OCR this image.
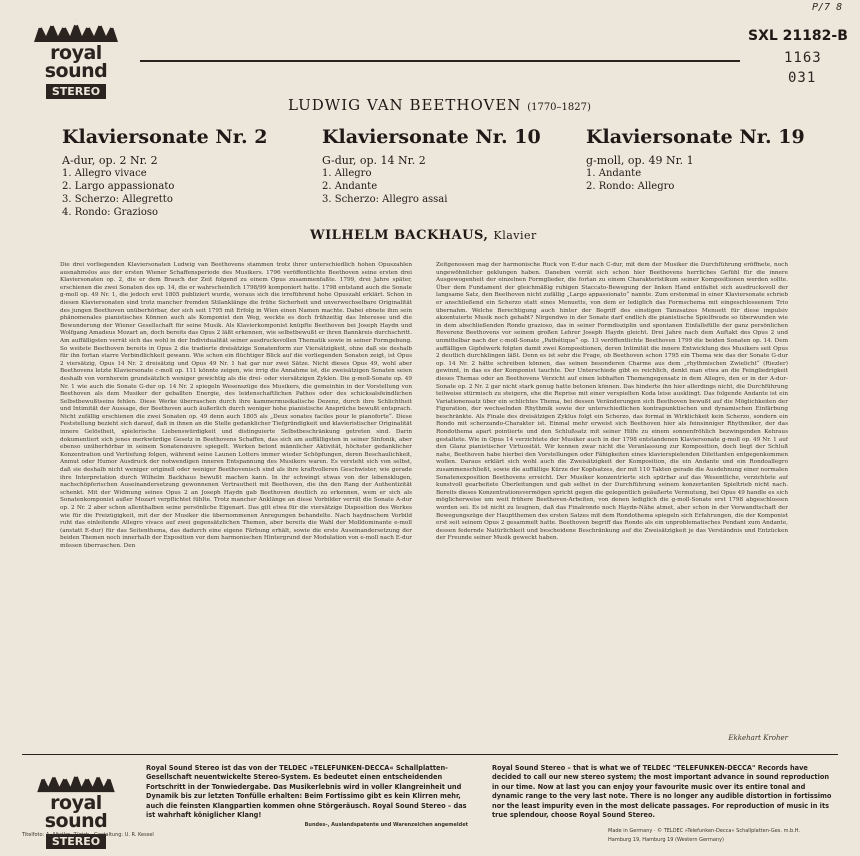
royal sound
STEREO
SXL 21182-B
1163
031
P/7 8
LUDWIG VAN BEETHOVEN (1770–1827)
Klaviersonate Nr. 2
A-dur, op. 2 Nr. 2
1. Allegro vivace
2. Largo appassionato
3. Scherzo: Allegretto
4. Rondo: Grazioso
Klaviersonate Nr. 10
G-dur, op. 14 Nr. 2
1. Allegro
2. Andante
3. Scherzo: Allegro assai
Klaviersonate Nr. 19
g-moll, op. 49 Nr. 1
1. Andante
2. Rondo: Allegro
WILHELM BACKHAUS, Klavier

Die drei vorliegenden Klaviersonaten Ludwig van Beethovens stammen trotz ihrer unterschiedlich hohen Opuszahlen ausnahmslos aus der ersten Wiener Schaffensperiode des Musikers. 1796 veröffentlichte Beethoven seine ersten drei Klaviersonaten op. 2, die er dem Brauch der Zeit folgend zu einem Opus zusammenfaßte. 1799, drei Jahre später, erschienen die zwei Sonaten des op. 14, die er wahrscheinlich 1798/99 komponiert hatte. 1798 entstand auch die Sonate g-moll op. 49 Nr. 1, die jedoch erst 1805 publiziert wurde, woraus sich die irreführend hohe Opuszahl erklärt. Schon in diesen Klaviersonaten sind trotz mancher fremden Stilanklänge die frühe Sicherheit und unverwechselbare Originalität des jungen Beethoven unüberhörbar, der sich seit 1795 mit Erfolg in Wien einen Namen machte. Dabei ebnete ihm sein phänomenales pianistisches Können auch als Komponist den Weg, weckte es doch frühzeitig das Interesse und die Bewunderung der Wiener Gesellschaft für seine Musik. Als Klavierkomponist knüpfte Beethoven bei Joseph Haydn und Wolfgang Amadeus Mozart an, doch bereits das Opus 2 läßt erkennen, wie selbstbewußt er ihren Bannkreis durchschritt. Am auffälligsten verrät sich das wohl in der Individualität seiner ausdrucksvollen Thematik sowie in seiner Formgebung. So weitete Beethoven bereits in Opus 2 die tradierte dreisätzige Sonatenform zur Viersätzigkeit, ohne daß sie deshalb für ihn fortan starre Verbindlichkeit gewann. Wie schon ein flüchtiger Blick auf die vorliegenden Sonaten zeigt, ist Opus 2 viersätzig, Opus 14 Nr. 2 dreisätzig und Opus 49 Nr. 1 hat gar nur zwei Sätze. Nicht dieses Opus 49, wohl aber Beethovens letzte Klaviersonate c-moll op. 111 könnte zeigen, wie irrig die Annahme ist, die zweisätzigen Sonaten seien deshalb von vornherein grundsätzlich weniger gewichtig als die drei- oder viersätzigen Zyklen. Die g-moll-Sonate op. 49 Nr. 1 wie auch die Sonate G-dur op. 14 Nr. 2 spiegeln Wesenszüge des Musikers, die gemeinhin in der Vorstellung von Beethoven als dem Musiker der geballten Energie, des leidenschaftlichen Pathos oder des schicksalsfeindlichen Selbstbewußtseins fehlen. Diese Werke überraschen durch ihre kammermusikalische Dezenz, durch ihre Schlichtheit und Intimität der Aussage, der Beethoven auch äußerlich durch weniger hohe pianistische Ansprüche bewußt entsprach. Nicht zufällig erschienen die zwei Sonaten op. 49 denn auch 1805 als „Deux sonates faciles pour le pianoforte“. Diese Feststellung bezieht sich darauf, daß in ihnen an die Stelle gedanklicher Tiefgründigkeit und klavieristischer Originalität innere Gelöstheit, spielerische Liebenswürdigkeit und distinguierte Selbstbeschränkung getreten sind. Darin dokumentiert sich jenes merkwürdige Gesetz in Beethovens Schaffen, das sich am auffälligsten in seiner Sinfonik, aber ebenso unüberhörbar in seinem Sonatenœuvre spiegelt. Werken betont männlicher Aktivität, höchster gedanklicher Konzentration und Vertiefung folgen, während seine Launen Lotters immer wieder Schöpfungen, deren Beschaulichkeit, Anmut oder Humor Ausdruck der notwendigen inneren Entspannung des Musikers waren. Es versteht sich von selbst, daß sie deshalb nicht weniger originell oder weniger Beethovenisch sind als ihre kraftvolleren Geschwister, wie gerade ihre Interpretation durch Wilhelm Backhaus bewußt machen kann. In ihr schwingt etwas von der lebensklugen, nachschöpferischen Auseinandersetzung gewonnenen Vertrautheit mit Beethoven, die ihn den Rang der Authentizität schenkt. Mit der Widmung seines Opus 2 an Joseph Haydn gab Beethoven deutlich zu erkennen, wem er sich als Sonatenkomponist außer Mozart verpflichtet fühlte. Trotz mancher Anklänge an diese Vorbilder verrät die Sonate A-dur op. 2 Nr. 2 aber schon allenthalben seine persönliche Eigenart. Das gilt etwa für die viersätzige Disposition des Werkes wie für die Freizügigkeit, mit der der Musiker die übernommenen Anregungen behandelte. Nach haydnschem Vorbild ruht das einleitende Allegro vivace auf zwei gegensätzlichen Themen, aber bereits die Wahl der Molldominante e-moll (anstatt E-dur) für das Seitenthema, das dadurch eine eigene Färbung erhält, sowie die erste Auseinandersetzung der beiden Themen noch innerhalb der Exposition vor dem harmonischen Hintergrund der Modulation von e-moll nach E-dur müssen überraschen. Den

Zeitgenossen mag der harmonische Ruck von E-dur nach C-dur, mit dem der Musiker die Durchführung eröffnete, noch ungewöhnlicher geklungen haben. Daneben verrät sich schon hier Beethovens herrliches Gefühl für die innere Ausgewogenheit der einzelnen Formglieder, die fortan zu einem Charakteristikum seiner Kompositionen werden sollte. Über dem Fundament der gleichmäßig ruhigen Staccato-Bewegung der linken Hand entfaltet sich ausdrucksvoll der langsame Satz, den Beethoven nicht zufällig „Largo appassionato“ nannte. Zum erstenmal in einer Klaviersonate schrieb er anschließend ein Scherzo statt eines Menuetts, von dem er lediglich das Formschema mit eingeschlossenem Trio übernahm. Welche Berechtigung auch hinter der Begriff des einstigen Tanzsatzes Menuett für diese impulsiv akzentuierte Musik noch gehabt? Nirgendwo in der Sonate darf endlich die pianistische Spielfreude so überwunden wie in dem abschließenden Rondo grazioso, das in seiner Formdisziplin und spontanen Einfallsfülle der ganz persönlichen Reverenz Beethovens vor seinem großen Lehrer Joseph Haydn gleicht. Drei Jahre nach dem Auftakt des Opus 2 und unmittelbar nach der c-moll-Sonate „Pathétique“ op. 13 veröffentlichte Beethoven 1799 die beiden Sonaten op. 14. Dem auffälligen Gipfelwerk folgten damit zwei Kompositionen, deren Intimität die innere Entwicklung des Musikers seit Opus 2 deutlich durchklingen läßt. Denn es ist sehr die Frage, ob Beethoven schon 1795 ein Thema wie das der Sonate G-dur op. 14 Nr. 2 hätte schreiben können, das seinen besonderen Charme aus dem „rhythmischen Zwielicht“ (Riezler) gewinnt, in das es der Komponist tauchte. Der Unterschiede gibt es reichlich, denkt man etwa an die Feingliedrigkeit dieses Themas oder an Beethovens Verzicht auf einen lebhaften Themengegensatz in dem Allegro, den er in der A-dur-Sonate op. 2 Nr. 2 gar nicht stark genug hatte betonen können. Das hinderte ihn hier allerdings nicht, die Durchführung teilweise stürmisch zu steigern, ehe die Reprise mit einer verspielten Koda leise ausklingt. Das folgende Andante ist ein Variationensatz über ein schlichtes Thema, bei dessen Veränderungen sich Beethoven bewußt auf die Möglichkeiten der Figuration, der wechselnden Rhythmik sowie der unterschiedlichen kontrapunktischen und dynamischen Einfärbung beschränkte. Als Finale des dreisätzigen Zyklus folgt ein Scherzo, das formal in Wirklichkeit kein Scherzo, sondern ein Rondo mit scherzando-Charakter ist. Einmal mehr erweist sich Beethoven hier als feinsinniger Rhythmiker, der das Rondothema apart pointierte und den Schlußsatz mit seiner Hilfe zu einem sonnenfröhlich bezwingenden Kehraus gestaltete. Wie in Opus 14 verzichtete der Musiker auch in der 1798 entstandenen Klaviersonate g-moll op. 49 Nr. 1 auf den Glanz pianistischer Virtuosität. Wir kennen zwar nicht die Veranlassung zur Komposition, doch liegt der Schluß nahe, Beethoven habe hierbei den Vorstellungen oder Fähigkeiten eines klavierspielenden Dilettanten entgegenkommen wollen. Daraus erklärt sich wohl auch die Zweisätzigkeit der Komposition, die ein Andante und ein Rondoallegro zusammenschließt, sowie die auffällige Kürze der Kopfsatzes, der mit 110 Takten gerade die Ausdehnung einer normalen Sonatenexposition Beethovens erreicht. Der Musiker konzentrierte sich spürbar auf das Wesentliche, verzichtete auf kunstvoll gearbeitete Überleitungen und gab selbst in der Durchführung seinem konzertanten Spieltrieb nicht nach. Bereits dieses Konzentrationsvermögen spricht gegen die gelegentlich geäußerte Vermutung, bei Opus 49 handle es sich möglicherweise um weit frühere Beethoven-Arbeiten, von denen lediglich die g-moll-Sonate erst 1798 abgeschlossen worden sei. Es ist nicht zu leugnen, daß das Finalrondo noch Haydn-Nähe atmet, aber schon in der Verwandtschaft der Bewegungszüge der Hauptthemen des ersten Satzes mit dem Rondothema spiegeln sich Erfahrungen, die der Komponist erst seit seinem Opus 2 gesammelt hatte. Beethoven begriff das Rondo als ein unproblematisches Pendant zum Andante, dessen federnde Natürlichkeit und bescheidene Beschränkung auf die Zweisätzigkeit je das Verständnis und Entzücken der Freunde seiner Musik geweckt haben.

Ekkehart Kroher
royal sound
STEREO
Royal Sound Stereo ist das von der TELDEC »TELEFUNKEN-DECCA« Schallplatten-Gesellschaft neuentwickelte Stereo-System. Es bedeutet einen entscheidenden Fortschritt in der Tonwiedergabe. Das Musikerlebnis wird in voller Klangreinheit und Dynamik bis zur letzten Tonfülle erhalten: Beim Fortissimo gibt es kein Klirren mehr, auch die feinsten Klangpartien kommen ohne Störgeräusch. Royal Sound Stereo – das ist wahrhaft königlicher Klang!
Bundes-, Auslandspatente und Warenzeichen angemeldet
Royal Sound Stereo – that is what we of TELDEC "TELEFUNKEN-DECCA" Records have decided to call our new stereo system; the most important advance in sound reproduction in our time. Now at last you can enjoy your favourite music over its entire tonal and dynamic range to the very last note. There is no longer any audible distortion in fortissimo nor the least impurity even in the most delicate passages. For reproduction of music in its true splendour, choose Royal Sound Stereo.
Titelfoto: A. Altaller, Zürich · Gestaltung: U. R. Kessel
Made in Germany · © TELDEC »Telefunken-Decca« Schallplatten-Ges. m.b.H.
Hamburg 19, Hamburg 19 (Western Germany)
